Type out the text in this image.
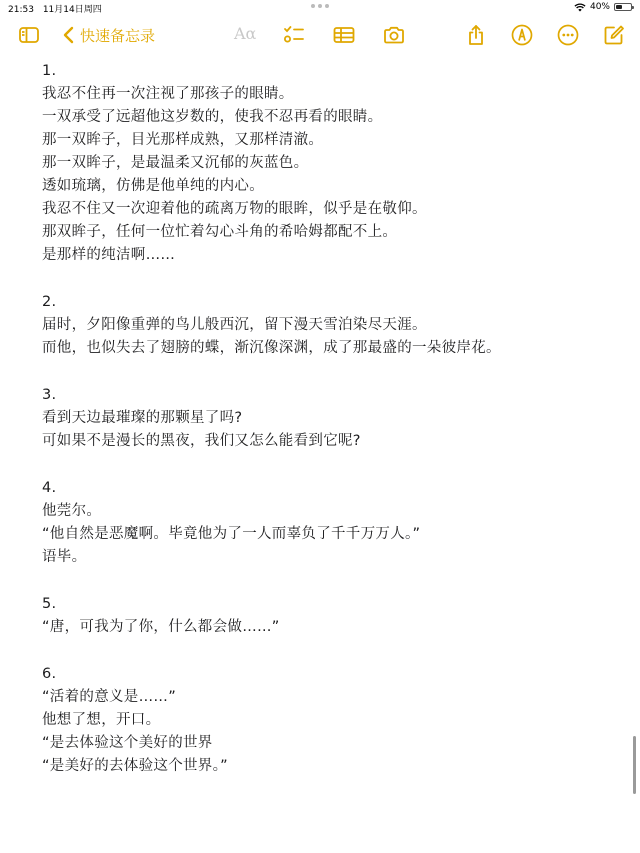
21:53 11月14日周四	40%
快速备忘录	Aα

1.

我忍不住再一次注视了那孩子的眼睛。

一双承受了远超他这岁数的，使我不忍再看的眼睛。

那一双眸子，目光那样成熟，又那样清澈。

那一双眸子，是最温柔又沉郁的灰蓝色。

透如琉璃，仿佛是他单纯的内心。

我忍不住又一次迎着他的疏离万物的眼眸，似乎是在敬仰。

那双眸子，任何一位忙着勾心斗角的希哈姆都配不上。

是那样的纯洁啊……

2.

届时，夕阳像重弹的鸟儿般西沉，留下漫天雪泊染尽天涯。

而他，也似失去了翅膀的蝶，渐沉像深渊，成了那最盛的一朵彼岸花。

3.

看到天边最璀璨的那颗星了吗?

可如果不是漫长的黑夜，我们又怎么能看到它呢?

4.

他莞尔。

“他自然是恶魔啊。毕竟他为了一人而辜负了千千万万人。”

语毕。

5.

“唐，可我为了你，什么都会做……”

6.

“活着的意义是……”

他想了想，开口。

“是去体验这个美好的世界

“是美好的去体验这个世界。”
